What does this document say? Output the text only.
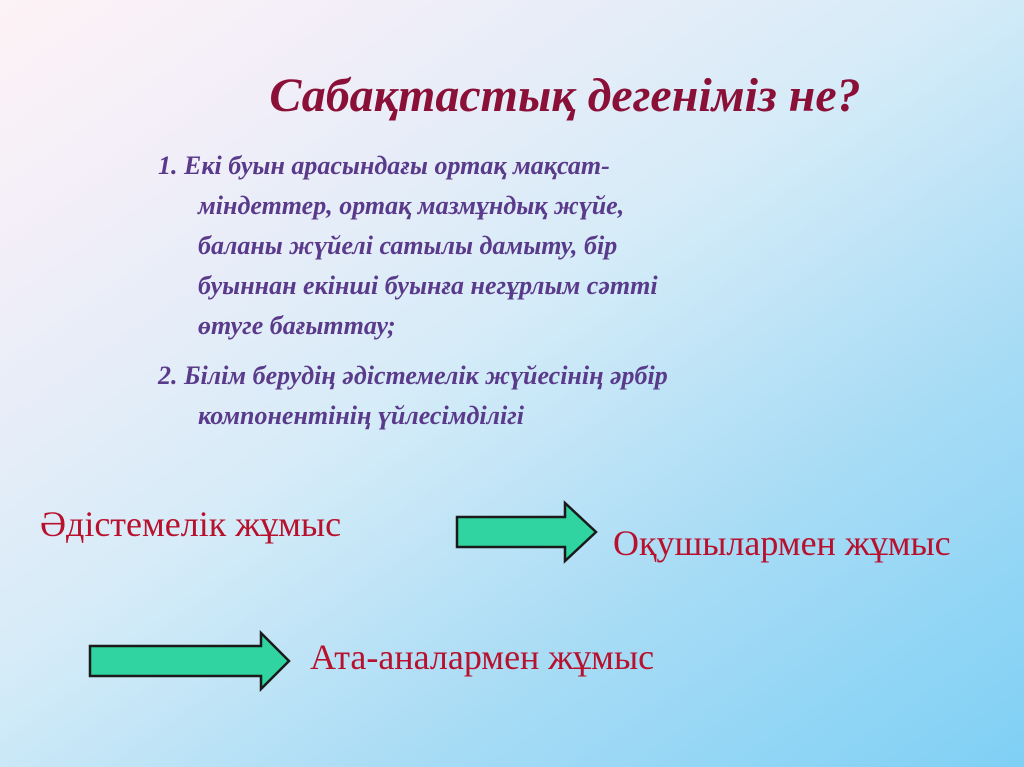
Сабақтастық дегеніміз не?
1. Екі буын арасындағы ортақ мақсат-
міндеттер, ортақ мазмұндық жүйе,
баланы жүйелі сатылы дамыту, бір
буыннан екінші буынға негұрлым сәтті
өтуге бағыттау;
2. Білім берудің әдістемелік жүйесінің әрбір
компонентінің үйлесімділігі

Әдістемелік жұмыс	Оқушылармен жұмыс

Ата-аналармен жұмыс
